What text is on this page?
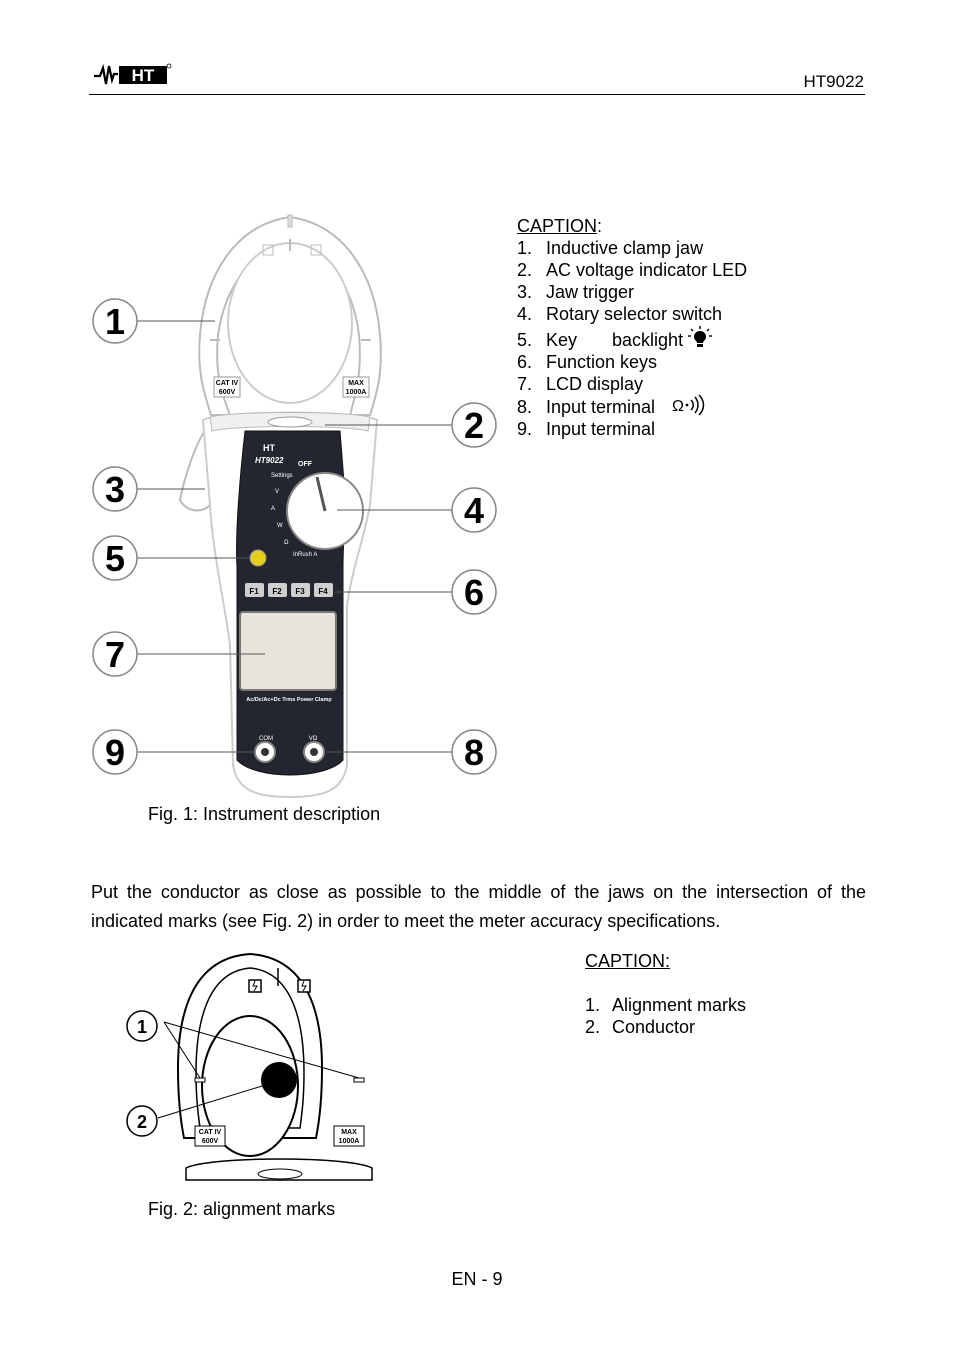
HT	HT9022
CAT IV
600V
MAX
1000A
HT
HT9022 OFF
Settings
V
A
W
Ω
InRush A
F1 F2 F3 F4
Ac/Dc/Ac+Dc Trms Power Clamp
COM	VΩ
1
2
3
4
5
6
7
8
9
CAPTION:
1. Inductive clamp jaw
2. AC voltage indicator LED
3. Jaw trigger
4. Rotary selector switch
5. Key backlight
6. Function keys
7. LCD display
8. Input terminal Ω
9. Input terminal
Fig. 1: Instrument description
Put the conductor as close as possible to the middle of the jaws on the intersection of the indicated marks (see Fig. 2) in order to meet the meter accuracy specifications.
CAT IV
600V
MAX
1000A
1
2
CAPTION:
1. Alignment marks
2. Conductor
Fig. 2: alignment marks
EN - 9
